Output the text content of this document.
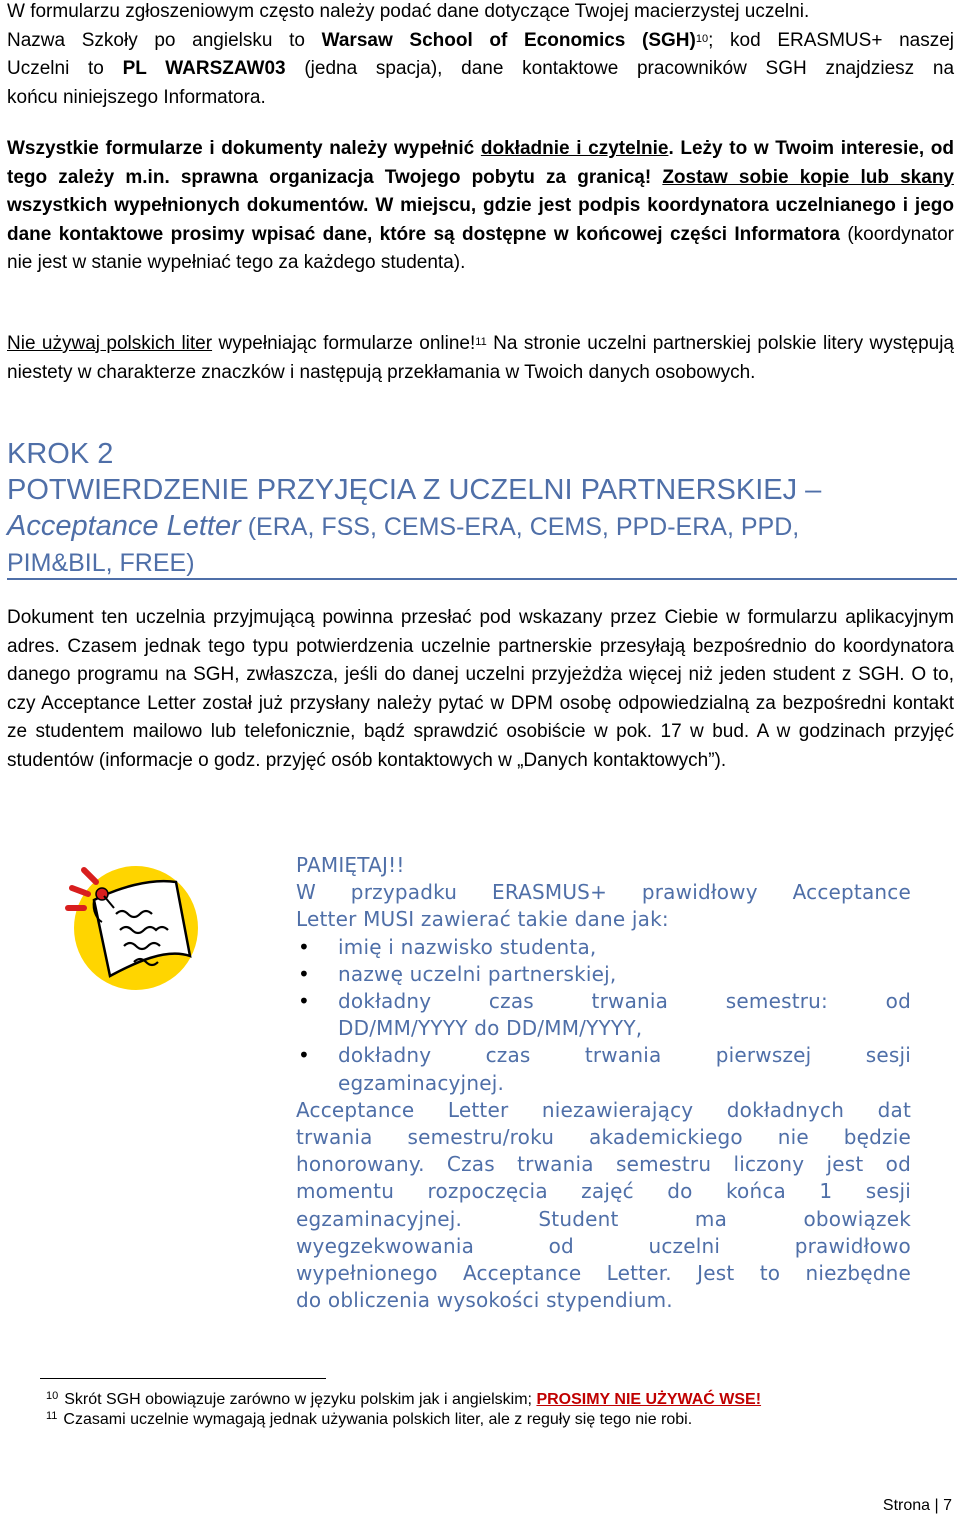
W formularzu zgłoszeniowym często należy podać dane dotyczące Twojej macierzystej uczelni.
Nazwa Szkoły po angielsku to Warsaw School of Economics (SGH)$^{10}$; kod ERASMUS+ naszej
Uczelni to PL WARSZAW03 (jedna spacja), dane kontaktowe pracowników SGH znajdziesz na
końcu niniejszego Informatora.
Wszystkie formularze i dokumenty należy wypełnić dokładnie i czytelnie. Leży to w Twoim interesie, od tego zależy m.in. sprawna organizacja Twojego pobytu za granicą! Zostaw sobie kopie lub skany wszystkich wypełnionych dokumentów. W miejscu, gdzie jest podpis koordynatora uczelnianego i jego dane kontaktowe prosimy wpisać dane, które są dostępne w końcowej części Informatora (koordynator nie jest w stanie wypełniać tego za każdego studenta).
Nie używaj polskich liter wypełniając formularze online!$^{11}$ Na stronie uczelni partnerskiej polskie litery występują niestety w charakterze znaczków i następują przekłamania w Twoich danych osobowych.
KROK 2
POTWIERDZENIE PRZYJĘCIA Z UCZELNI PARTNERSKIEJ –
Acceptance Letter (ERA, FSS, CEMS-ERA, CEMS, PPD-ERA, PPD,
PIM&BIL, FREE)
Dokument ten uczelnia przyjmującą powinna przesłać pod wskazany przez Ciebie w formularzu aplikacyjnym adres. Czasem jednak tego typu potwierdzenia uczelnie partnerskie przesyłają bezpośrednio do koordynatora danego programu na SGH, zwłaszcza, jeśli do danej uczelni przyjeżdża więcej niż jeden student z SGH. O to, czy Acceptance Letter został już przysłany należy pytać w DPM osobę odpowiedzialną za bezpośredni kontakt ze studentem mailowo lub telefonicznie, bądź sprawdzić osobiście w pok. 17 w bud. A w godzinach przyjęć studentów (informacje o godz. przyjęć osób kontaktowych w „Danych kontaktowych”).
PAMIĘTAJ!!
W przypadku ERASMUS+ prawidłowy Acceptance
Letter MUSI zawierać takie dane jak:
• imię i nazwisko studenta,
• nazwę uczelni partnerskiej,
• dokładny czas trwania semestru: od
DD/MM/YYYY do DD/MM/YYYY,
• dokładny czas trwania pierwszej sesji
egzaminacyjnej.
Acceptance Letter niezawierający dokładnych dat
trwania semestru/roku akademickiego nie będzie
honorowany. Czas trwania semestru liczony jest od
momentu rozpoczęcia zajęć do końca 1 sesji
egzaminacyjnej. Student ma obowiązek
wyegzekwowania od uczelni prawidłowo
wypełnionego Acceptance Letter. Jest to niezbędne
do obliczenia wysokości stypendium.
$^{10}$ Skrót SGH obowiązuje zarówno w języku polskim jak i angielskim; PROSIMY NIE UŻYWAĆ WSE!
$^{11}$ Czasami uczelnie wymagają jednak używania polskich liter, ale z reguły się tego nie robi.
Strona | 7
